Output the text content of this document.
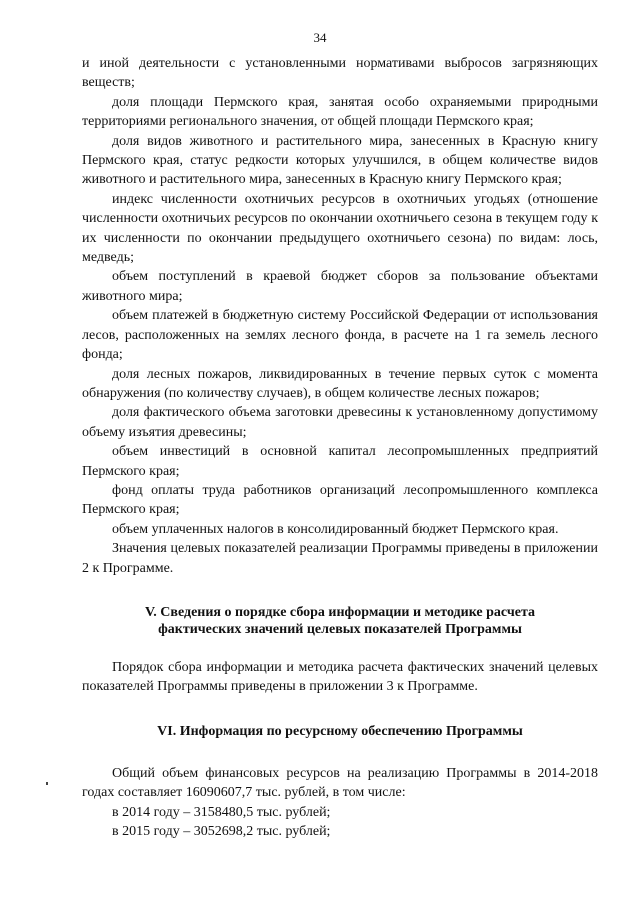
34

и иной деятельности с установленными нормативами выбросов загрязняющих веществ;

доля площади Пермского края, занятая особо охраняемыми природными территориями регионального значения, от общей площади Пермского края;

доля видов животного и растительного мира, занесенных в Красную книгу Пермского края, статус редкости которых улучшился, в общем количестве видов животного и растительного мира, занесенных в Красную книгу Пермского края;

индекс численности охотничьих ресурсов в охотничьих угодьях (отношение численности охотничьих ресурсов по окончании охотничьего сезона в текущем году к их численности по окончании предыдущего охотничьего сезона) по видам: лось, медведь;

объем поступлений в краевой бюджет сборов за пользование объектами животного мира;

объем платежей в бюджетную систему Российской Федерации от использования лесов, расположенных на землях лесного фонда, в расчете на 1 га земель лесного фонда;

доля лесных пожаров, ликвидированных в течение первых суток с момента обнаружения (по количеству случаев), в общем количестве лесных пожаров;

доля фактического объема заготовки древесины к установленному допустимому объему изъятия древесины;

объем инвестиций в основной капитал лесопромышленных предприятий Пермского края;

фонд оплаты труда работников организаций лесопромышленного комплекса Пермского края;

объем уплаченных налогов в консолидированный бюджет Пермского края.

Значения целевых показателей реализации Программы приведены в приложении 2 к Программе.

V. Сведения о порядке сбора информации и методике расчета

фактических значений целевых показателей Программы

Порядок сбора информации и методика расчета фактических значений целевых показателей Программы приведены в приложении 3 к Программе.

VI. Информация по ресурсному обеспечению Программы

Общий объем финансовых ресурсов на реализацию Программы в 2014-2018 годах составляет 16090607,7 тыс. рублей, в том числе:

в 2014 году – 3158480,5 тыс. рублей;

в 2015 году – 3052698,2 тыс. рублей;
